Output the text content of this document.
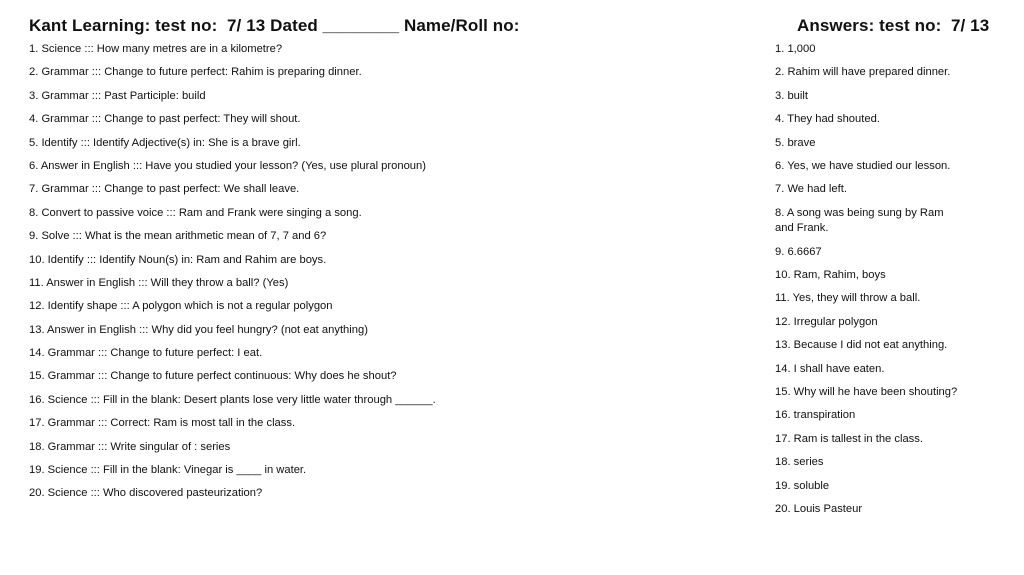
Kant Learning: test no:  7/ 13 Dated ________ Name/Roll no:	Answers: test no:  7/ 13
1. Science ::: How many metres are in a kilometre?
2. Grammar ::: Change to future perfect: Rahim is preparing dinner.
3. Grammar ::: Past Participle: build
4. Grammar ::: Change to past perfect: They will shout.
5. Identify ::: Identify Adjective(s) in: She is a brave girl.
6. Answer in English ::: Have you studied your lesson? (Yes, use plural pronoun)
7. Grammar ::: Change to past perfect: We shall leave.
8. Convert to passive voice ::: Ram and Frank were singing a song.
9. Solve ::: What is the mean arithmetic mean of 7, 7 and 6?
10. Identify ::: Identify Noun(s) in: Ram and Rahim are boys.
11. Answer in English ::: Will they throw a ball? (Yes)
12. Identify shape ::: A polygon which is not a regular polygon
13. Answer in English ::: Why did you feel hungry? (not eat anything)
14. Grammar ::: Change to future perfect: I eat.
15. Grammar ::: Change to future perfect continuous: Why does he shout?
16. Science ::: Fill in the blank: Desert plants lose very little water through ______.
17. Grammar ::: Correct: Ram is most tall in the class.
18. Grammar ::: Write singular of : series
19. Science ::: Fill in the blank: Vinegar is ____ in water.
20. Science ::: Who discovered pasteurization?
1. 1,000
2. Rahim will have prepared dinner.
3. built
4. They had shouted.
5. brave
6. Yes, we have studied our lesson.
7. We had left.
8. A song was being sung by Ram and Frank.
9. 6.6667
10. Ram, Rahim, boys
11. Yes, they will throw a ball.
12. Irregular polygon
13. Because I did not eat anything.
14. I shall have eaten.
15. Why will he have been shouting?
16. transpiration
17. Ram is tallest in the class.
18. series
19. soluble
20. Louis Pasteur
